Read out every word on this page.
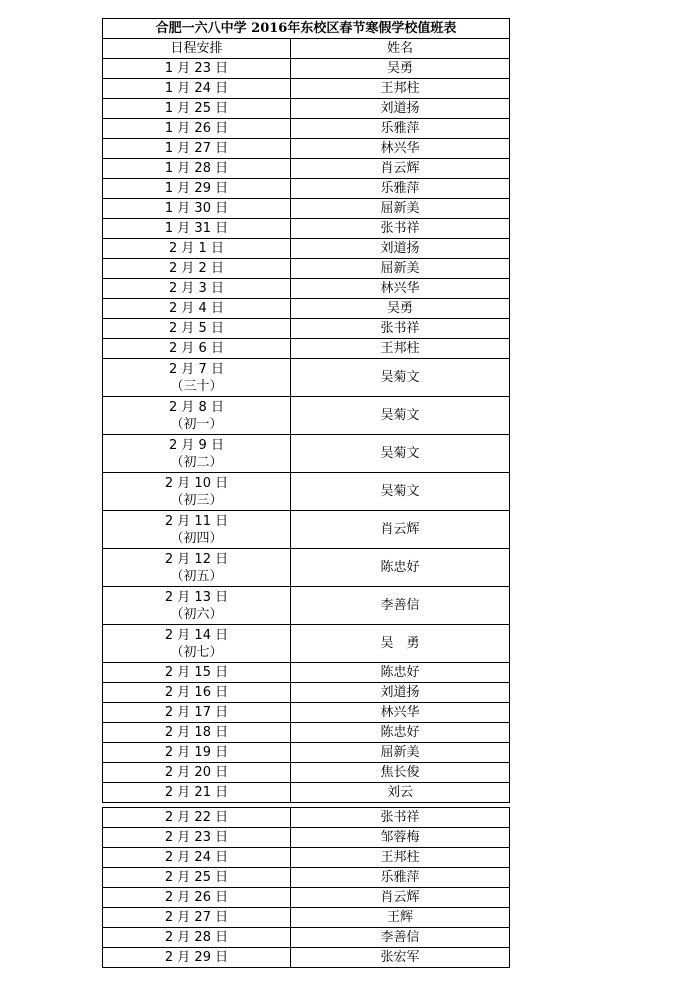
合肥一六八中学 2016年东校区春节寒假学校值班表	
日程安排	姓名

1 月 23 日	吴勇

1 月 24 日	王邦柱

1 月 25 日	刘道扬

1 月 26 日	乐雅萍

1 月 27 日	林兴华

1 月 28 日	肖云辉

1 月 29 日	乐雅萍

1 月 30 日	屈新美

1 月 31 日	张书祥

2 月 1 日	刘道扬

2 月 2 日	屈新美

2 月 3 日	林兴华

2 月 4 日	吴勇

2 月 5 日	张书祥

2 月 6 日	王邦柱

2 月 7 日
（三十）	吴菊文

2 月 8 日
（初一）	吴菊文

2 月 9 日
（初二）	吴菊文

2 月 10 日
（初三）	吴菊文

2 月 11 日
（初四）	肖云辉

2 月 12 日
（初五）	陈忠好

2 月 13 日
（初六）	李善信

2 月 14 日
（初七）	吴　勇

2 月 15 日	陈忠好

2 月 16 日	刘道扬

2 月 17 日	林兴华

2 月 18 日	陈忠好

2 月 19 日	屈新美

2 月 20 日	焦长俊

2 月 21 日	刘云
2 月 22 日	张书祥

2 月 23 日	邹蓉梅

2 月 24 日	王邦柱

2 月 25 日	乐雅萍

2 月 26 日	肖云辉

2 月 27 日	王辉

2 月 28 日	李善信

2 月 29 日	张宏军
